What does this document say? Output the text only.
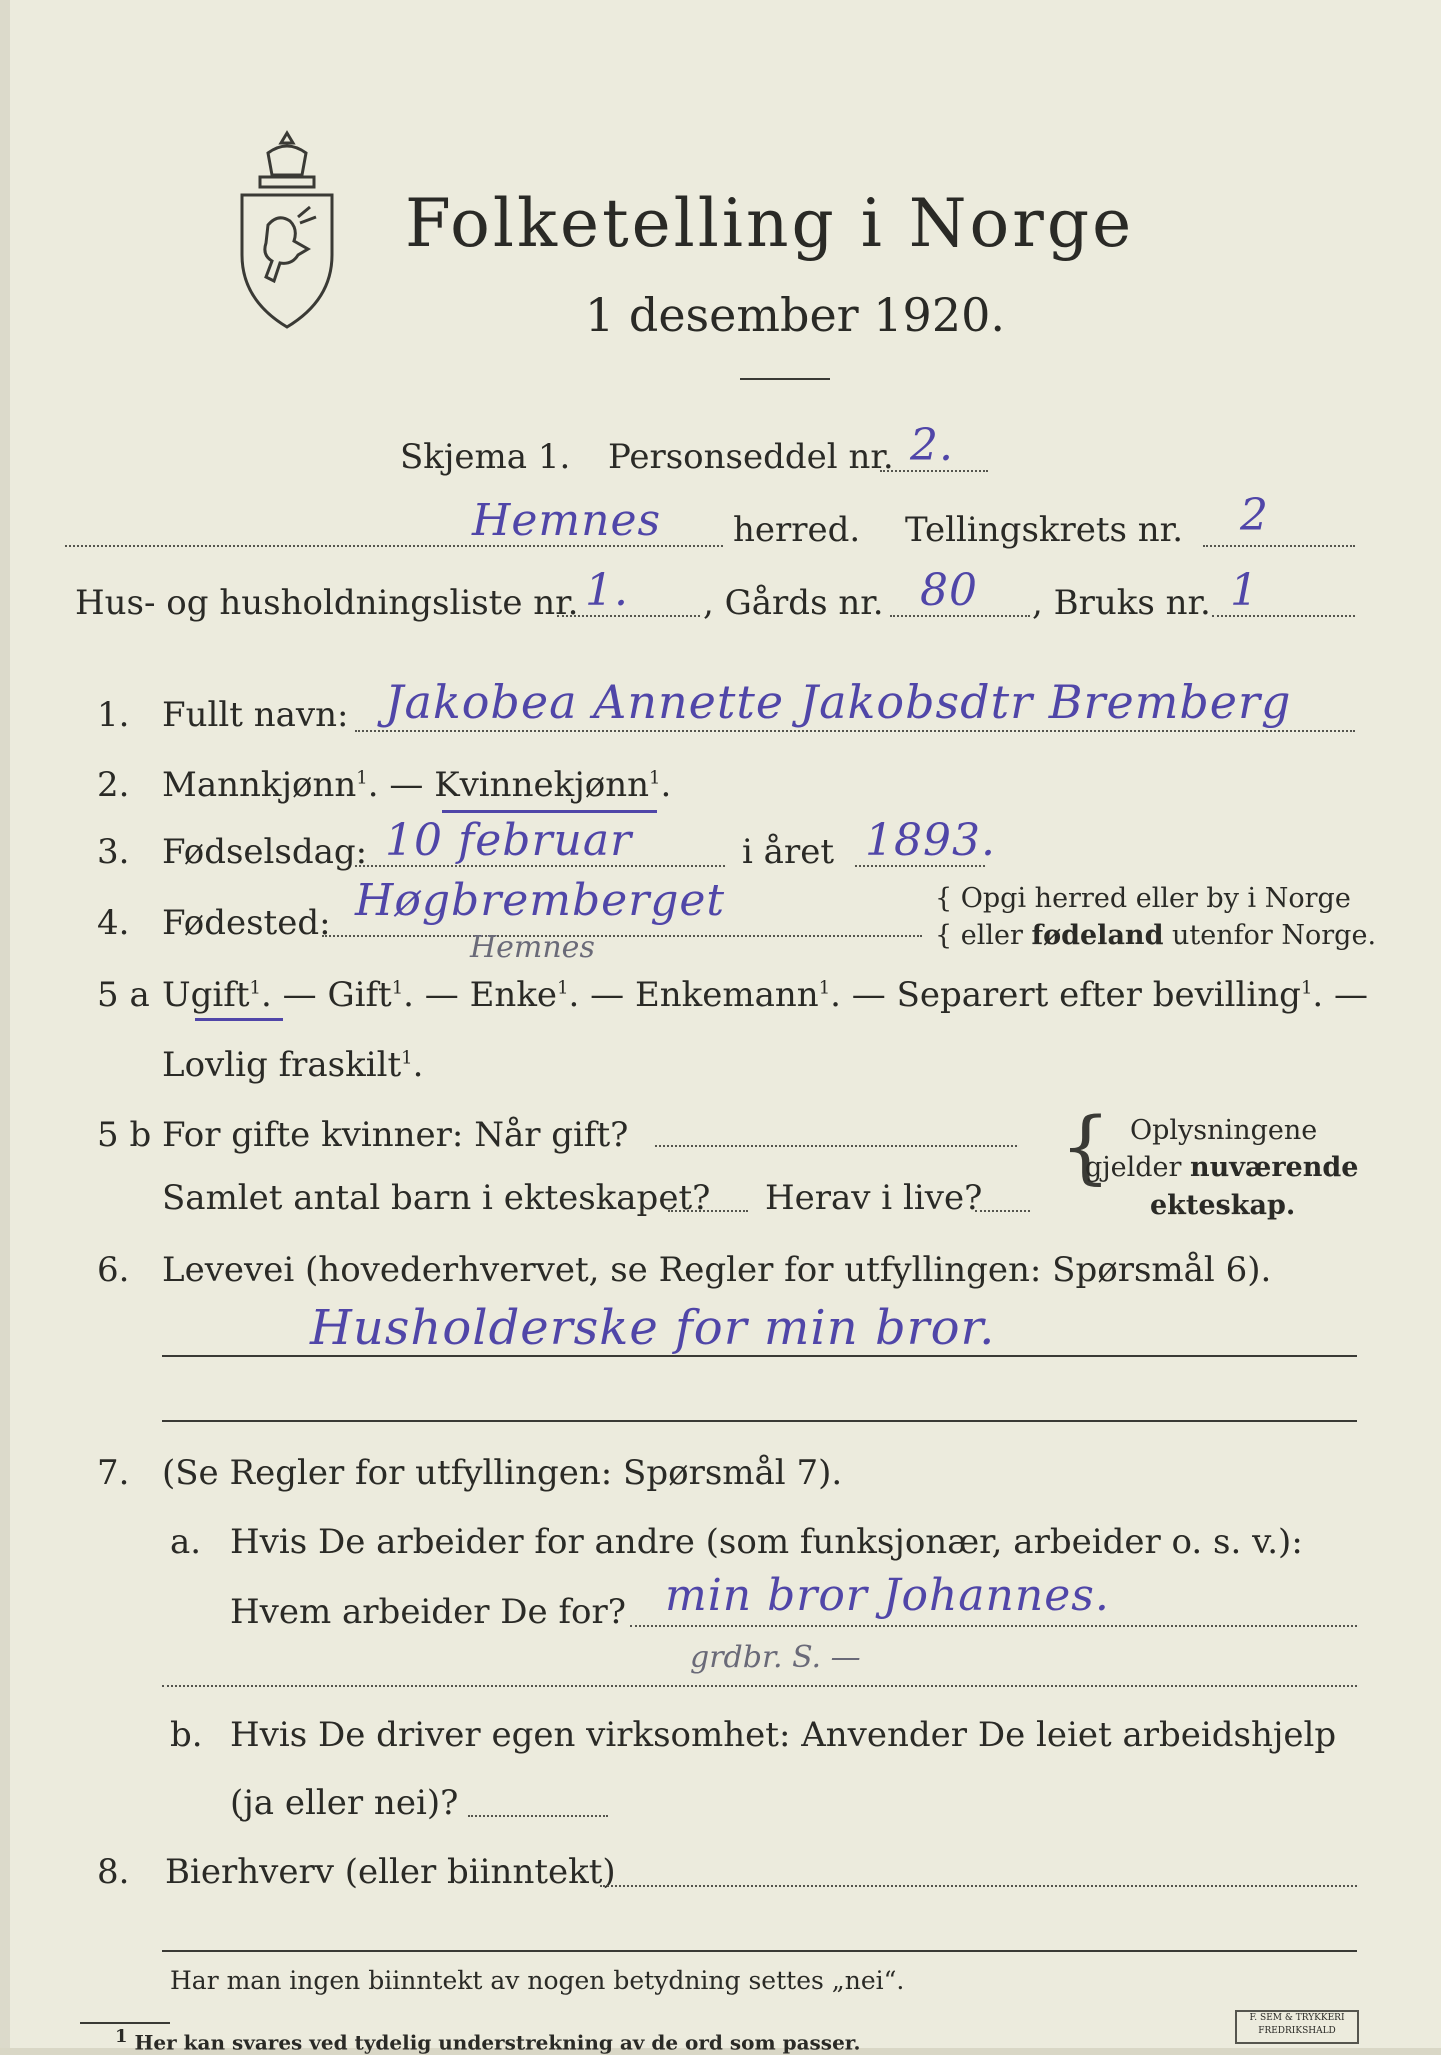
Folketelling i Norge
1 desember 1920.
Skjema 1. Personseddel nr. 2.
Hemnes herred. Tellingskrets nr. 2
Hus- og husholdningsliste nr. 1. , Gårds nr. 80 , Bruks nr. 1
1. Fullt navn: Jakobea Annette Jakobsdtr Bremberg
2. Mannkjønn$^1$. — Kvinnekjønn$^1$.
3. Fødselsdag: 10 februar	i året 1893.
4. Fødested: Høgbremberget
Hemnes
{ Opgi herred eller by i Norge
{ eller fødeland utenfor Norge.
5 a Ugift$^1$. — Gift$^1$. — Enke$^1$. — Enkemann$^1$. — Separert efter bevilling$^1$. —
Lovlig fraskilt$^1$.
5 b For gifte kvinner: Når gift?
Samlet antal barn i ekteskapet? Herav i live?
{ Oplysningene
gjelder nuværende
ekteskap.
6. Levevei (hovederhvervet, se Regler for utfyllingen: Spørsmål 6).
Husholderske for min bror.
7. (Se Regler for utfyllingen: Spørsmål 7).
a. Hvis De arbeider for andre (som funksjonær, arbeider o. s. v.):
Hvem arbeider De for? min bror Johannes.
grdbr. S. —
b. Hvis De driver egen virksomhet: Anvender De leiet arbeidshjelp
(ja eller nei)?
8. Bierhverv (eller biinntekt)
Har man ingen biinntekt av nogen betydning settes „nei“.
1 Her kan svares ved tydelig understrekning av de ord som passer.
F. SEM & TRYKKERI
FREDRIKSHALD
